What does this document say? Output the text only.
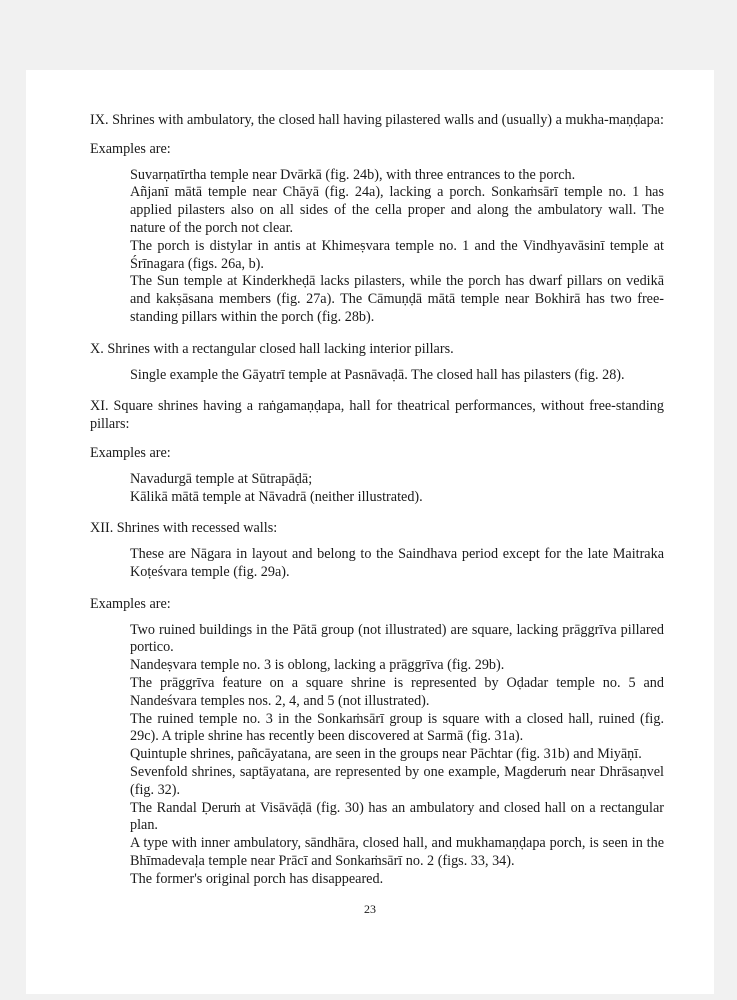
IX. Shrines with ambulatory, the closed hall having pilastered walls and (usually) a mukha-maṇḍapa:

Examples are:

Suvarṇatīrtha temple near Dvārkā (fig. 24b), with three entrances to the porch.

Añjanī mātā temple near Chāyā (fig. 24a), lacking a porch. Sonkaṁsārī temple no. 1 has applied pilasters also on all sides of the cella proper and along the ambulatory wall. The nature of the porch not clear.

The porch is distylar in antis at Khimeṣvara temple no. 1 and the Vindhyavāsinī temple at Śrīnagara (figs. 26a, b).

The Sun temple at Kinderkheḍā lacks pilasters, while the porch has dwarf pillars on vedikā and kakṣāsana members (fig. 27a). The Cāmuṇḍā mātā temple near Bokhirā has two free-standing pillars within the porch (fig. 28b).

X. Shrines with a rectangular closed hall lacking interior pillars.

Single example the Gāyatrī temple at Pasnāvaḍā. The closed hall has pilasters (fig. 28).

XI. Square shrines having a raṅgamaṇḍapa, hall for theatrical performances, without free-standing pillars:

Examples are:

Navadurgā temple at Sūtrapāḍā;

Kālikā mātā temple at Nāvadrā (neither illustrated).

XII. Shrines with recessed walls:

These are Nāgara in layout and belong to the Saindhava period except for the late Maitraka Koṭeśvara temple (fig. 29a).

Examples are:

Two ruined buildings in the Pātā group (not illustrated) are square, lacking prāggrīva pillared portico.

Nandeṣvara temple no. 3 is oblong, lacking a prāggrīva (fig. 29b).

The prāggrīva feature on a square shrine is represented by Oḍadar temple no. 5 and Nandeśvara temples nos. 2, 4, and 5 (not illustrated).

The ruined temple no. 3 in the Sonkaṁsārī group is square with a closed hall, ruined (fig. 29c). A triple shrine has recently been discovered at Sarmā (fig. 31a).

Quintuple shrines, pañcāyatana, are seen in the groups near Pāchtar (fig. 31b) and Miyāṇī.

Sevenfold shrines, saptāyatana, are represented by one example, Magderuṁ near Dhrāsaṇvel (fig. 32).

The Randal Ḍeruṁ at Visāvāḍā (fig. 30) has an ambulatory and closed hall on a rectangular plan.

A type with inner ambulatory, sāndhāra, closed hall, and mukhamaṇḍapa porch, is seen in the Bhīmadevaḷa temple near Prācī and Sonkaṁsārī no. 2 (figs. 33, 34).

The former's original porch has disappeared.

23
